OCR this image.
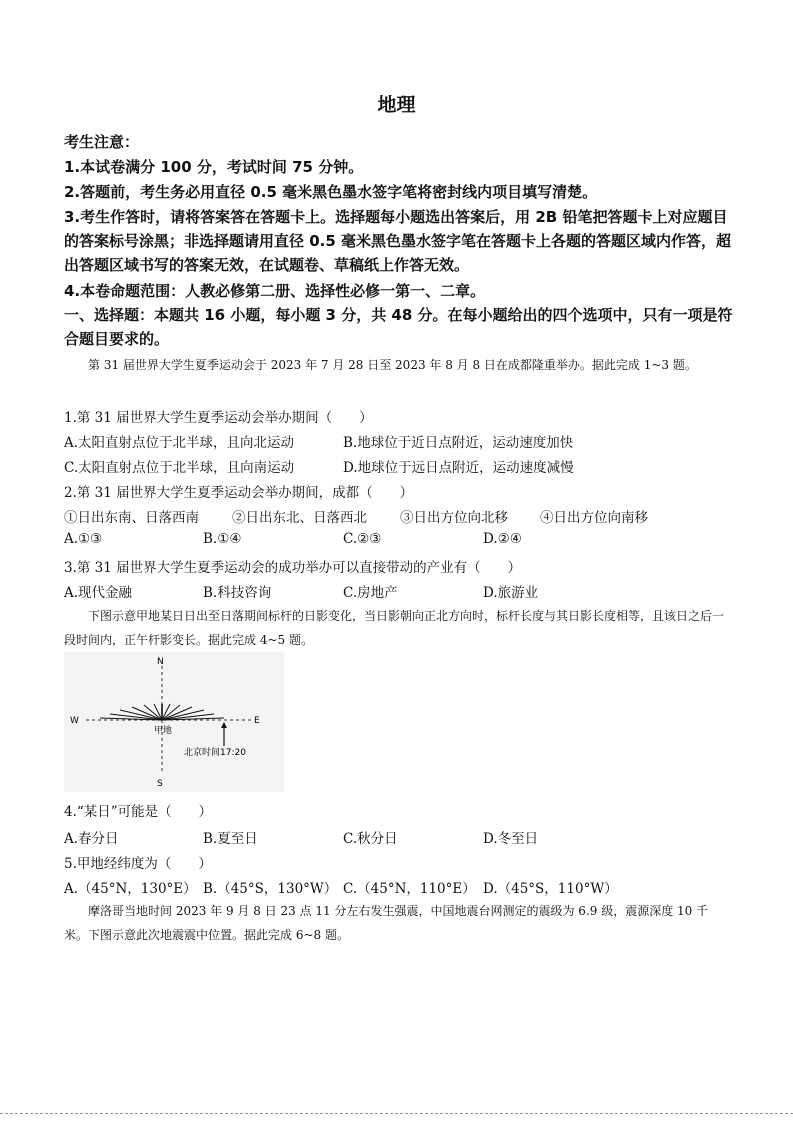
地理
考生注意：
1.本试卷满分 100 分，考试时间 75 分钟。
2.答题前，考生务必用直径 0.5 毫米黑色墨水签字笔将密封线内项目填写清楚。
3.考生作答时，请将答案答在答题卡上。选择题每小题选出答案后，用 2B 铅笔把答题卡上对应题目的答案标号涂黑；非选择题请用直径 0.5 毫米黑色墨水签字笔在答题卡上各题的答题区域内作答，超出答题区域书写的答案无效，在试题卷、草稿纸上作答无效。
4.本卷命题范围：人教必修第二册、选择性必修一第一、二章。
一、选择题：本题共 16 小题，每小题 3 分，共 48 分。在每小题给出的四个选项中，只有一项是符合题目要求的。
第 31 届世界大学生夏季运动会于 2023 年 7 月 28 日至 2023 年 8 月 8 日在成都隆重举办。据此完成 1~3 题。
1.第 31 届世界大学生夏季运动会举办期间（　　）
A.太阳直射点位于北半球，且向北运动	B.地球位于近日点附近，运动速度加快
C.太阳直射点位于北半球，且向南运动	D.地球位于远日点附近，运动速度减慢
2.第 31 届世界大学生夏季运动会举办期间，成都（　　）
①日出东南、日落西南 ②日出东北、日落西北 ③日出方位向北移 ④日出方位向南移
A.①③	B.①④	C.②③	D.②④
3.第 31 届世界大学生夏季运动会的成功举办可以直接带动的产业有（　　）
A.现代金融	B.科技咨询	C.房地产	D.旅游业
下图示意甲地某日日出至日落期间标杆的日影变化，当日影朝向正北方向时，标杆长度与其日影长度相等，且该日之后一段时间内，正午杆影变长。据此完成 4~5 题。
N
S
W	E
甲地
北京时间17:20
4.“某日”可能是（　　）
A.春分日	B.夏至日	C.秋分日	D.冬至日
5.甲地经纬度为（　　）
A.（45°N，130°E） B.（45°S，130°W） C.（45°N，110°E） D.（45°S，110°W）
摩洛哥当地时间 2023 年 9 月 8 日 23 点 11 分左右发生强震，中国地震台网测定的震级为 6.9 级，震源深度 10 千米。下图示意此次地震震中位置。据此完成 6~8 题。
